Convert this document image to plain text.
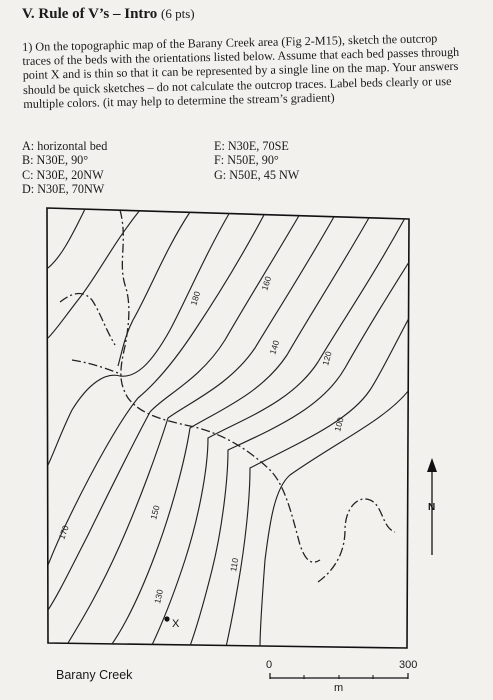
V. Rule of V’s – Intro (6 pts)
1) On the topographic map of the Barany Creek area (Fig 2-M15), sketch the outcrop traces of the beds with the orientations listed below. Assume that each bed passes through point X and is thin so that it can be represented by a single line on the map. Your answers should be quick sketches – do not calculate the outcrop traces. Label beds clearly or use multiple colors. (it may help to determine the stream’s gradient)
A: horizontal bed
B: N30E, 90°
C: N30E, 20NW
D: N30E, 70NW
E: N30E, 70SE
F: N50E, 90°
G: N50E, 45 NW
180
160
140
120
100
170
150
130
110
X
N
Barany Creek
0	300
m
